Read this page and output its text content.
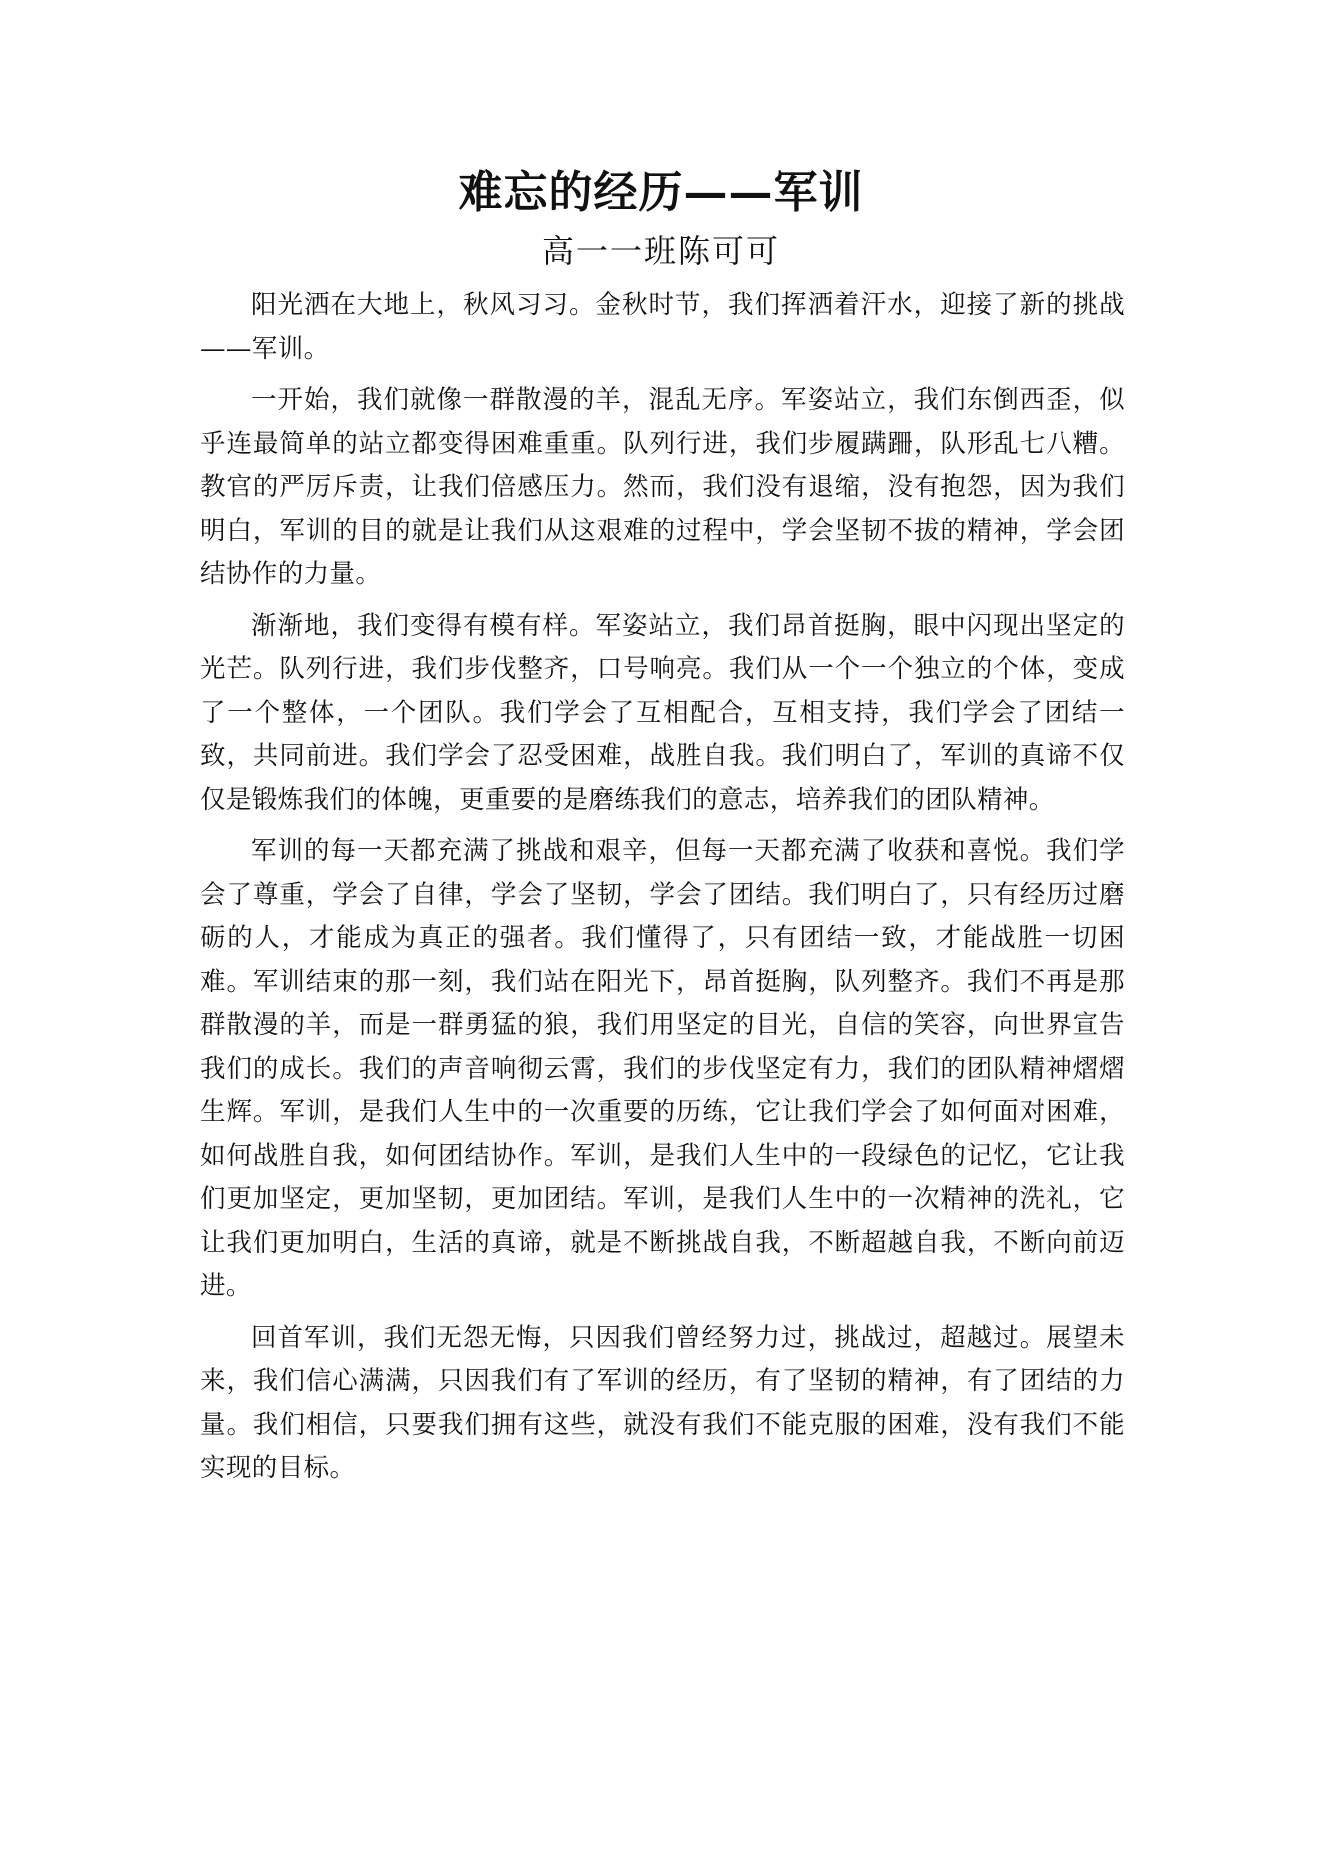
难忘的经历——军训

高一一班陈可可

阳光洒在大地上，秋风习习。金秋时节，我们挥洒着汗水，迎接了新的挑战——军训。

一开始，我们就像一群散漫的羊，混乱无序。军姿站立，我们东倒西歪，似乎连最简单的站立都变得困难重重。队列行进，我们步履蹒跚，队形乱七八糟。教官的严厉斥责，让我们倍感压力。然而，我们没有退缩，没有抱怨，因为我们明白，军训的目的就是让我们从这艰难的过程中，学会坚韧不拔的精神，学会团结协作的力量。

渐渐地，我们变得有模有样。军姿站立，我们昂首挺胸，眼中闪现出坚定的光芒。队列行进，我们步伐整齐，口号响亮。我们从一个一个独立的个体，变成了一个整体，一个团队。我们学会了互相配合，互相支持，我们学会了团结一致，共同前进。我们学会了忍受困难，战胜自我。我们明白了，军训的真谛不仅仅是锻炼我们的体魄，更重要的是磨练我们的意志，培养我们的团队精神。

军训的每一天都充满了挑战和艰辛，但每一天都充满了收获和喜悦。我们学会了尊重，学会了自律，学会了坚韧，学会了团结。我们明白了，只有经历过磨砺的人，才能成为真正的强者。我们懂得了，只有团结一致，才能战胜一切困难。军训结束的那一刻，我们站在阳光下，昂首挺胸，队列整齐。我们不再是那群散漫的羊，而是一群勇猛的狼，我们用坚定的目光，自信的笑容，向世界宣告我们的成长。我们的声音响彻云霄，我们的步伐坚定有力，我们的团队精神熠熠生辉。军训，是我们人生中的一次重要的历练，它让我们学会了如何面对困难，如何战胜自我，如何团结协作。军训，是我们人生中的一段绿色的记忆，它让我们更加坚定，更加坚韧，更加团结。军训，是我们人生中的一次精神的洗礼，它让我们更加明白，生活的真谛，就是不断挑战自我，不断超越自我，不断向前迈进。

回首军训，我们无怨无悔，只因我们曾经努力过，挑战过，超越过。展望未来，我们信心满满，只因我们有了军训的经历，有了坚韧的精神，有了团结的力量。我们相信，只要我们拥有这些，就没有我们不能克服的困难，没有我们不能实现的目标。
